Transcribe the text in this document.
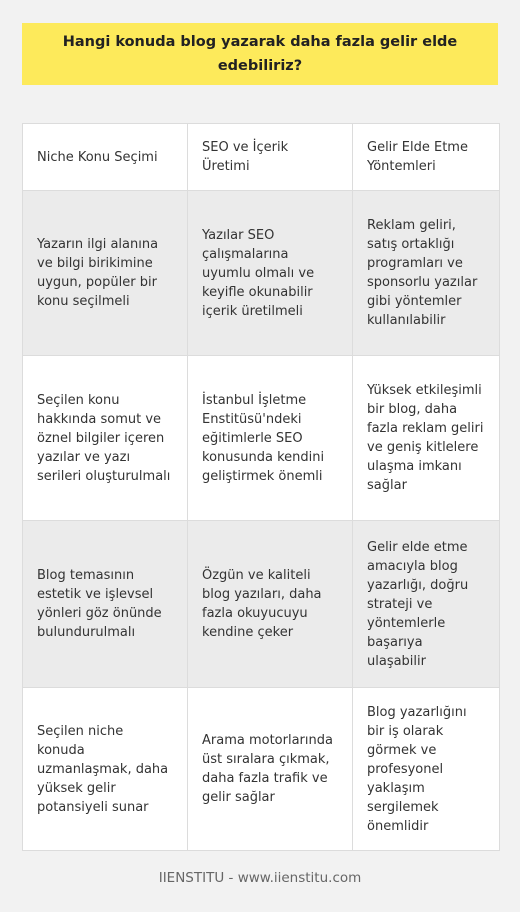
Hangi konuda blog yazarak daha fazla gelir elde edebiliriz?
Niche Konu Seçimi	SEO ve İçerik Üretimi	Gelir Elde Etme Yöntemleri
Yazarın ilgi alanına ve bilgi birikimine uygun, popüler bir konu seçilmeli	Yazılar SEO çalışmalarına uyumlu olmalı ve keyifle okunabilir içerik üretilmeli	Reklam geliri, satış ortaklığı programları ve sponsorlu yazılar gibi yöntemler kullanılabilir
Seçilen konu hakkında somut ve öznel bilgiler içeren yazılar ve yazı serileri oluşturulmalı	İstanbul İşletme Enstitüsü'ndeki eğitimlerle SEO konusunda kendini geliştirmek önemli	Yüksek etkileşimli bir blog, daha fazla reklam geliri ve geniş kitlelere ulaşma imkanı sağlar
Blog temasının estetik ve işlevsel yönleri göz önünde bulundurulmalı	Özgün ve kaliteli blog yazıları, daha fazla okuyucuyu kendine çeker	Gelir elde etme amacıyla blog yazarlığı, doğru strateji ve yöntemlerle başarıya ulaşabilir
Seçilen niche konuda uzmanlaşmak, daha yüksek gelir potansiyeli sunar	Arama motorlarında üst sıralara çıkmak, daha fazla trafik ve gelir sağlar	Blog yazarlığını bir iş olarak görmek ve profesyonel yaklaşım sergilemek önemlidir
IIENSTITU - www.iienstitu.com
